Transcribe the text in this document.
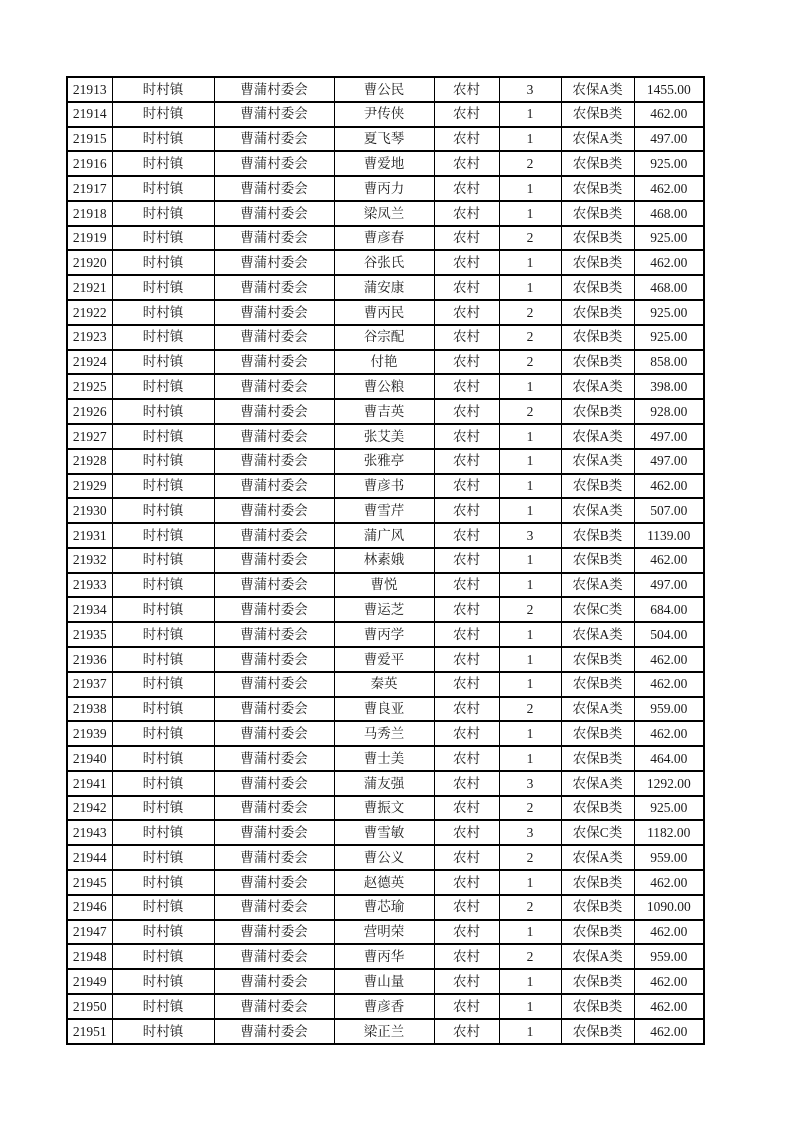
21913	时村镇	曹蒲村委会	曹公民	农村	3	农保A类	1455.00
21914	时村镇	曹蒲村委会	尹传侠	农村	1	农保B类	462.00
21915	时村镇	曹蒲村委会	夏飞琴	农村	1	农保A类	497.00
21916	时村镇	曹蒲村委会	曹爱地	农村	2	农保B类	925.00
21917	时村镇	曹蒲村委会	曹丙力	农村	1	农保B类	462.00
21918	时村镇	曹蒲村委会	梁凤兰	农村	1	农保B类	468.00
21919	时村镇	曹蒲村委会	曹彦春	农村	2	农保B类	925.00
21920	时村镇	曹蒲村委会	谷张氏	农村	1	农保B类	462.00
21921	时村镇	曹蒲村委会	蒲安康	农村	1	农保B类	468.00
21922	时村镇	曹蒲村委会	曹丙民	农村	2	农保B类	925.00
21923	时村镇	曹蒲村委会	谷宗配	农村	2	农保B类	925.00
21924	时村镇	曹蒲村委会	付艳	农村	2	农保B类	858.00
21925	时村镇	曹蒲村委会	曹公粮	农村	1	农保A类	398.00
21926	时村镇	曹蒲村委会	曹吉英	农村	2	农保B类	928.00
21927	时村镇	曹蒲村委会	张艾美	农村	1	农保A类	497.00
21928	时村镇	曹蒲村委会	张雅亭	农村	1	农保A类	497.00
21929	时村镇	曹蒲村委会	曹彦书	农村	1	农保B类	462.00
21930	时村镇	曹蒲村委会	曹雪芹	农村	1	农保A类	507.00
21931	时村镇	曹蒲村委会	蒲广风	农村	3	农保B类	1139.00
21932	时村镇	曹蒲村委会	林素娥	农村	1	农保B类	462.00
21933	时村镇	曹蒲村委会	曹悦	农村	1	农保A类	497.00
21934	时村镇	曹蒲村委会	曹运芝	农村	2	农保C类	684.00
21935	时村镇	曹蒲村委会	曹丙学	农村	1	农保A类	504.00
21936	时村镇	曹蒲村委会	曹爱平	农村	1	农保B类	462.00
21937	时村镇	曹蒲村委会	秦英	农村	1	农保B类	462.00
21938	时村镇	曹蒲村委会	曹良亚	农村	2	农保A类	959.00
21939	时村镇	曹蒲村委会	马秀兰	农村	1	农保B类	462.00
21940	时村镇	曹蒲村委会	曹士美	农村	1	农保B类	464.00
21941	时村镇	曹蒲村委会	蒲友强	农村	3	农保A类	1292.00
21942	时村镇	曹蒲村委会	曹振文	农村	2	农保B类	925.00
21943	时村镇	曹蒲村委会	曹雪敏	农村	3	农保C类	1182.00
21944	时村镇	曹蒲村委会	曹公义	农村	2	农保A类	959.00
21945	时村镇	曹蒲村委会	赵德英	农村	1	农保B类	462.00
21946	时村镇	曹蒲村委会	曹芯瑜	农村	2	农保B类	1090.00
21947	时村镇	曹蒲村委会	营明荣	农村	1	农保B类	462.00
21948	时村镇	曹蒲村委会	曹丙华	农村	2	农保A类	959.00
21949	时村镇	曹蒲村委会	曹山量	农村	1	农保B类	462.00
21950	时村镇	曹蒲村委会	曹彦香	农村	1	农保B类	462.00
21951	时村镇	曹蒲村委会	梁正兰	农村	1	农保B类	462.00
